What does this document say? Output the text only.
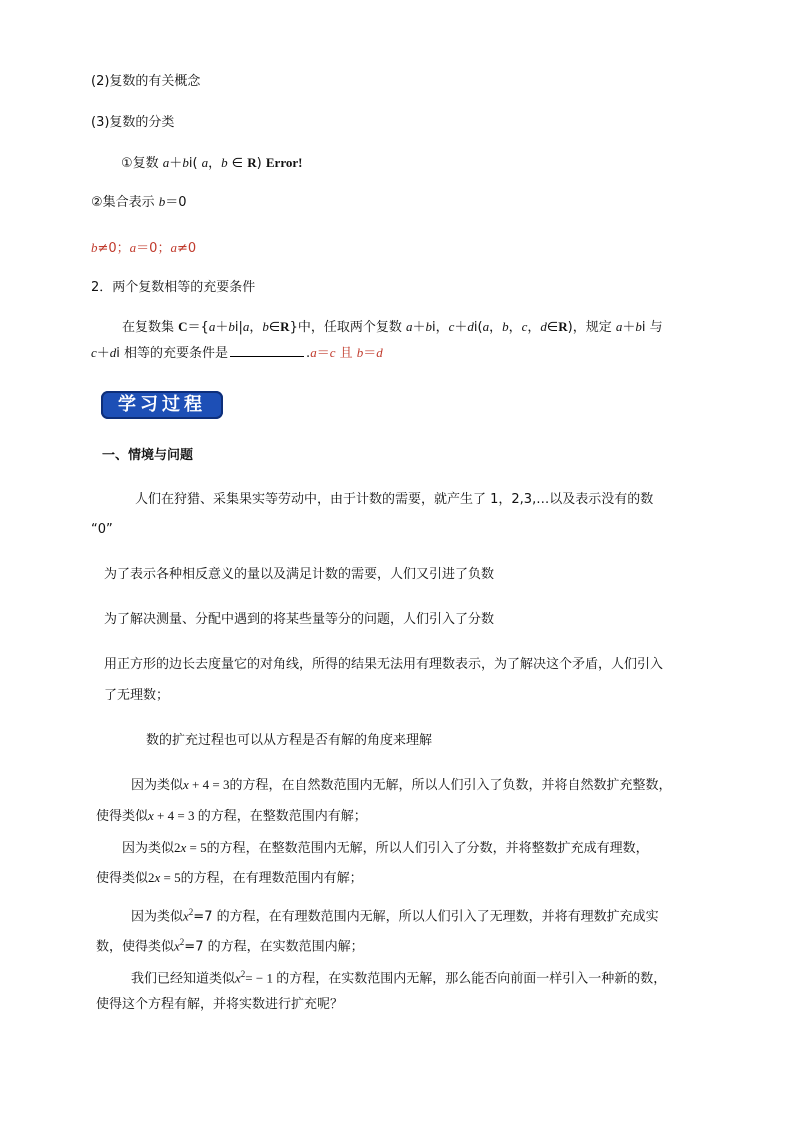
(2)复数的有关概念
(3)复数的分类
①复数 a＋bi( a，b ∈ R) Error!
②集合表示 b＝0
b≠0；a＝0；a≠0
2．两个复数相等的充要条件
在复数集 C＝{a＋bi|a，b∈R}中，任取两个复数 a＋bi，c＋di(a，b，c，d∈R)，规定 a＋bi 与
c＋di 相等的充要条件是	.a＝c 且 b＝d
学习过程
一、情境与问题
人们在狩猎、采集果实等劳动中，由于计数的需要，就产生了 1，2,3,…以及表示没有的数
“0”
为了表示各种相反意义的量以及满足计数的需要，人们又引进了负数
为了解决测量、分配中遇到的将某些量等分的问题，人们引入了分数
用正方形的边长去度量它的对角线，所得的结果无法用有理数表示，为了解决这个矛盾，人们引入
了无理数；
数的扩充过程也可以从方程是否有解的角度来理解
因为类似x + 4 = 3的方程，在自然数范围内无解，所以人们引入了负数，并将自然数扩充整数，
使得类似x + 4 = 3 的方程，在整数范围内有解；
因为类似2x = 5的方程，在整数范围内无解，所以人们引入了分数，并将整数扩充成有理数，
使得类似2x = 5的方程，在有理数范围内有解；
因为类似$x^2=7$ 的方程，在有理数范围内无解，所以人们引入了无理数，并将有理数扩充成实
数，使得类似$x^2=7$ 的方程，在实数范围内解；
我们已经知道类似$x^2= - 1$ 的方程，在实数范围内无解，那么能否向前面一样引入一种新的数，
使得这个方程有解，并将实数进行扩充呢？
